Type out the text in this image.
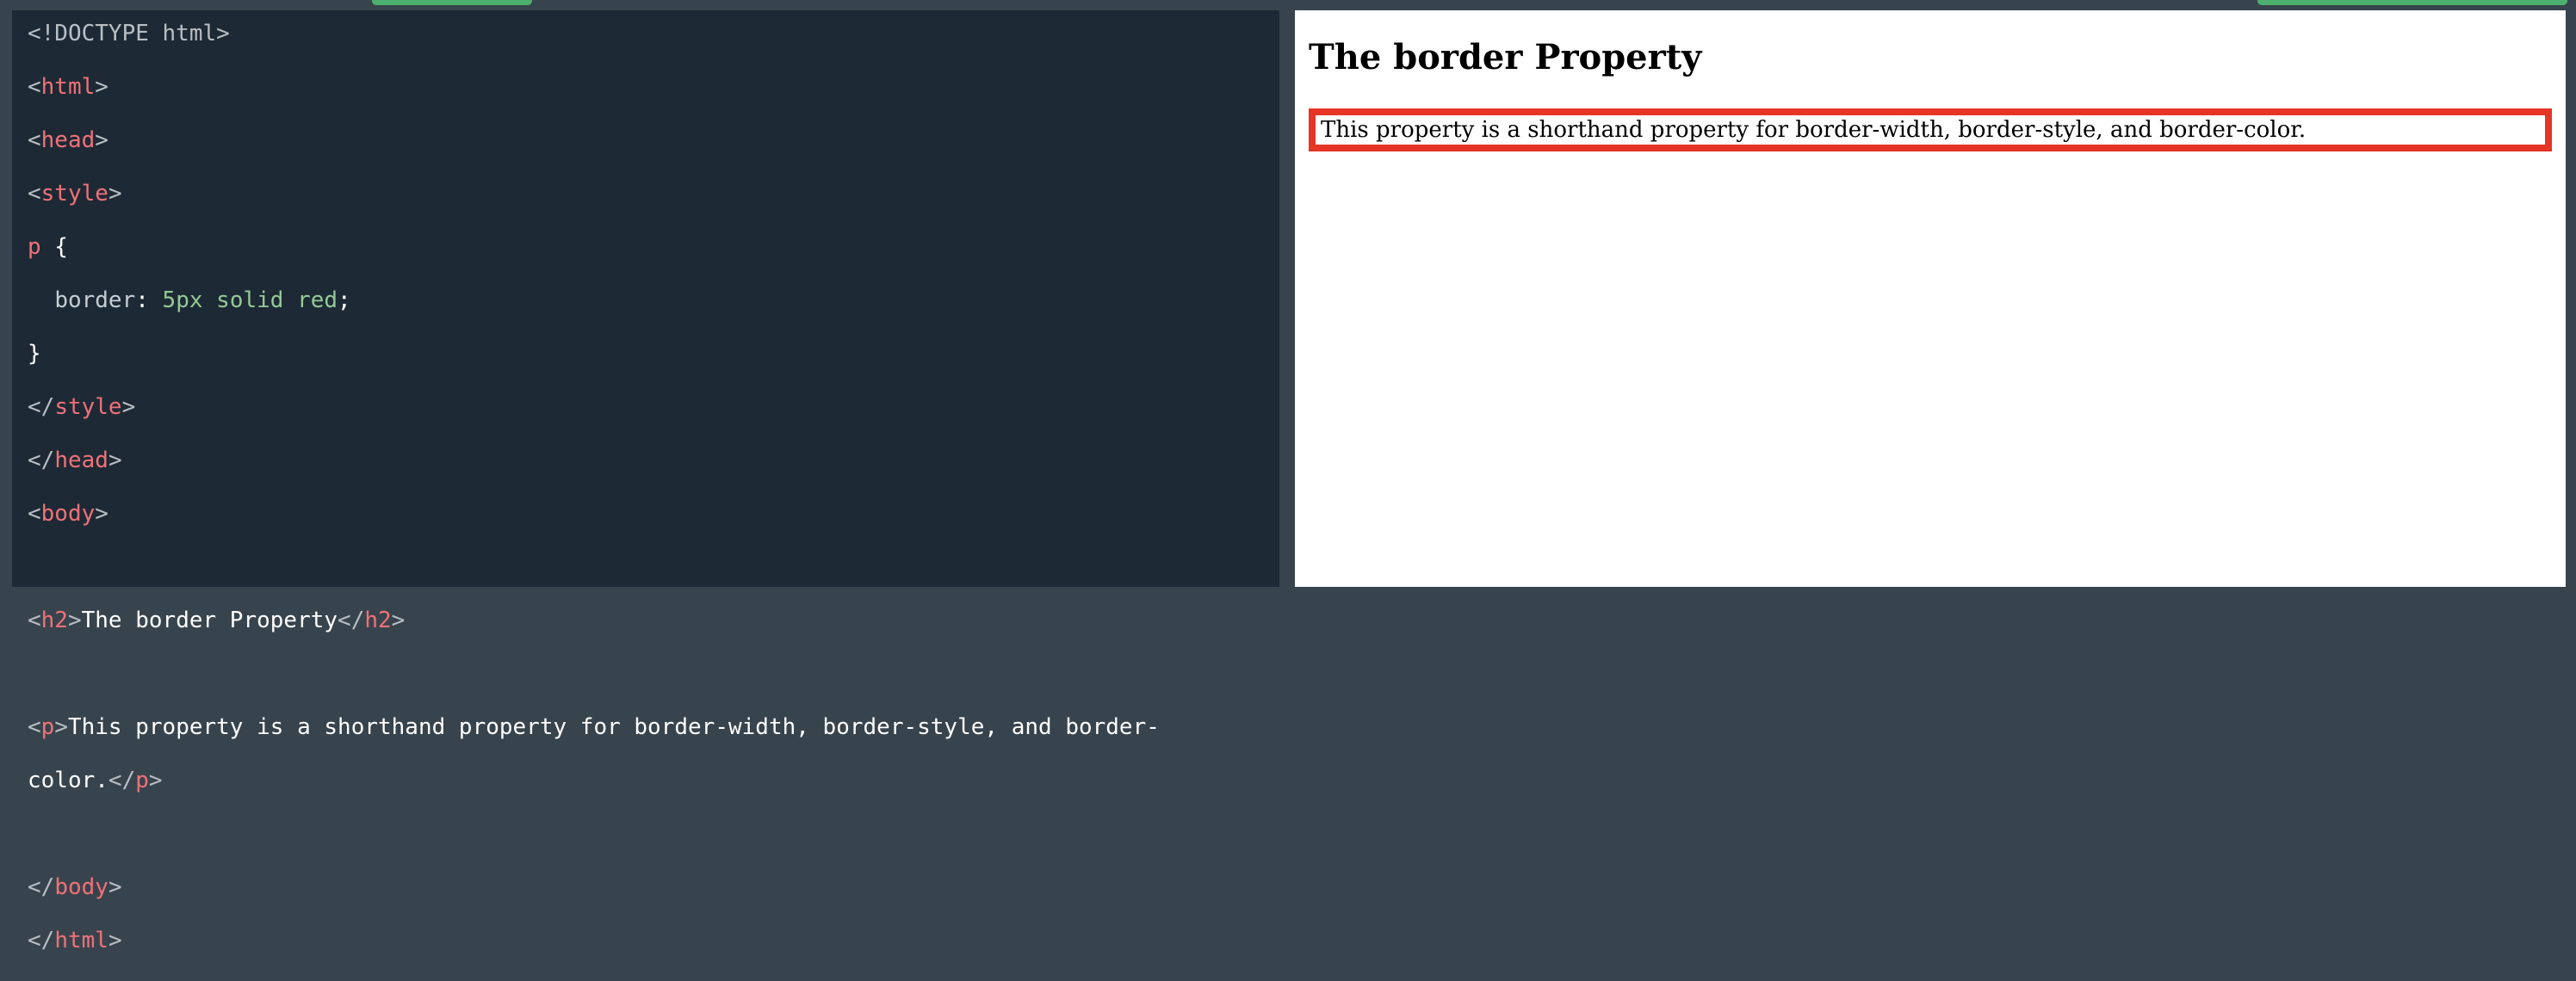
<!DOCTYPE html>

<html>

<head>

<style>

p {

border: 5px solid red;

}

</style>

</head>

<body>

<h2>The border Property</h2>

<p>This property is a shorthand property for border-width, border-style, and border-

color.</p>

</body>

</html>

The border Property

This property is a shorthand property for border-width, border-style, and border-color.
